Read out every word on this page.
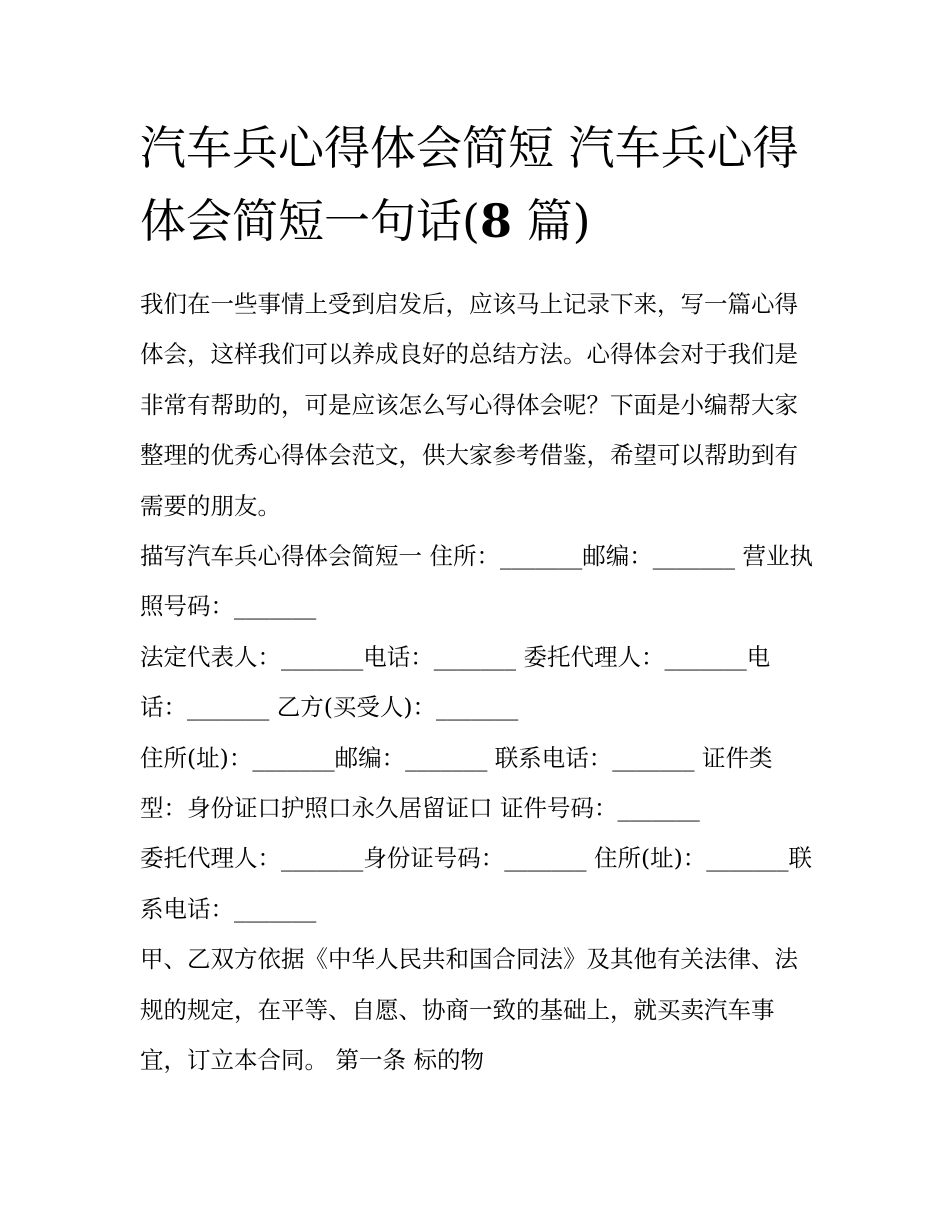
汽车兵心得体会简短 汽车兵心得体会简短一句话(8 篇)

我们在一些事情上受到启发后，应该马上记录下来，写一篇心得体会，这样我们可以养成良好的总结方法。心得体会对于我们是非常有帮助的，可是应该怎么写心得体会呢？下面是小编帮大家整理的优秀心得体会范文，供大家参考借鉴，希望可以帮助到有需要的朋友。

描写汽车兵心得体会简短一 住所：_______邮编：_______ 营业执照号码：_______

法定代表人：_______电话：_______ 委托代理人：_______电话：_______ 乙方(买受人)：_______

住所(址)：_______邮编：_______ 联系电话：_______ 证件类型：身份证口护照口永久居留证口 证件号码：_______

委托代理人：_______身份证号码：_______ 住所(址)：_______联系电话：_______

甲、乙双方依据《中华人民共和国合同法》及其他有关法律、法规的规定，在平等、自愿、协商一致的基础上，就买卖汽车事宜，订立本合同。 第一条 标的物
